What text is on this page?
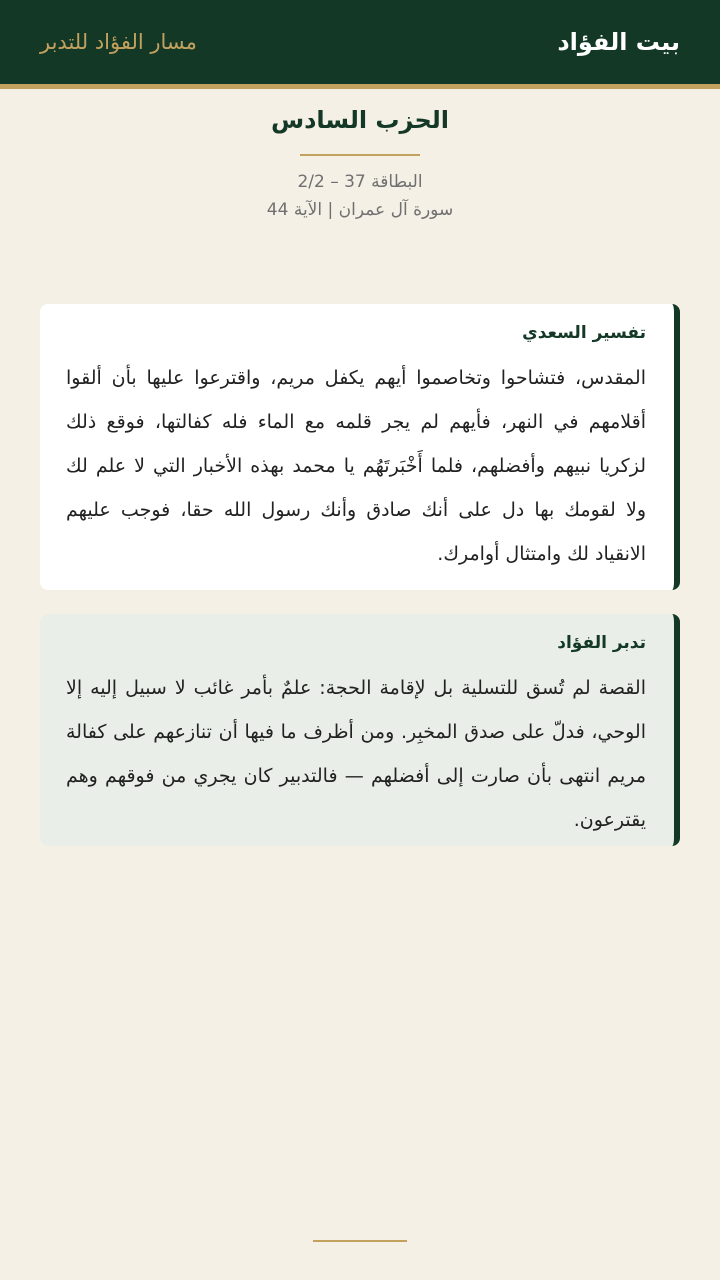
بيت الفؤاد
مسار الفؤاد للتدبر
الحزب السادس
البطاقة 37 – 2/2
سورة آل عمران | الآية 44
تفسير السعدي

المقدس، فتشاحوا وتخاصموا أيهم يكفل مريم، واقترعوا عليها بأن ألقوا أقلامهم في النهر، فأيهم لم يجر قلمه مع الماء فله كفالتها، فوقع ذلك لزكريا نبيهم وأفضلهم، فلما أَخْبَرتَهُم يا محمد بهذه الأخبار التي لا علم لك ولا لقومك بها دل على أنك صادق وأنك رسول الله حقا، فوجب عليهم الانقياد لك وامتثال أوامرك.

تدبر الفؤاد

القصة لم تُسق للتسلية بل لإقامة الحجة: علمٌ بأمر غائب لا سبيل إليه إلا الوحي، فدلّ على صدق المخبِر. ومن أظرف ما فيها أن تنازعهم على كفالة مريم انتهى بأن صارت إلى أفضلهم — فالتدبير كان يجري من فوقهم وهم يقترعون.
